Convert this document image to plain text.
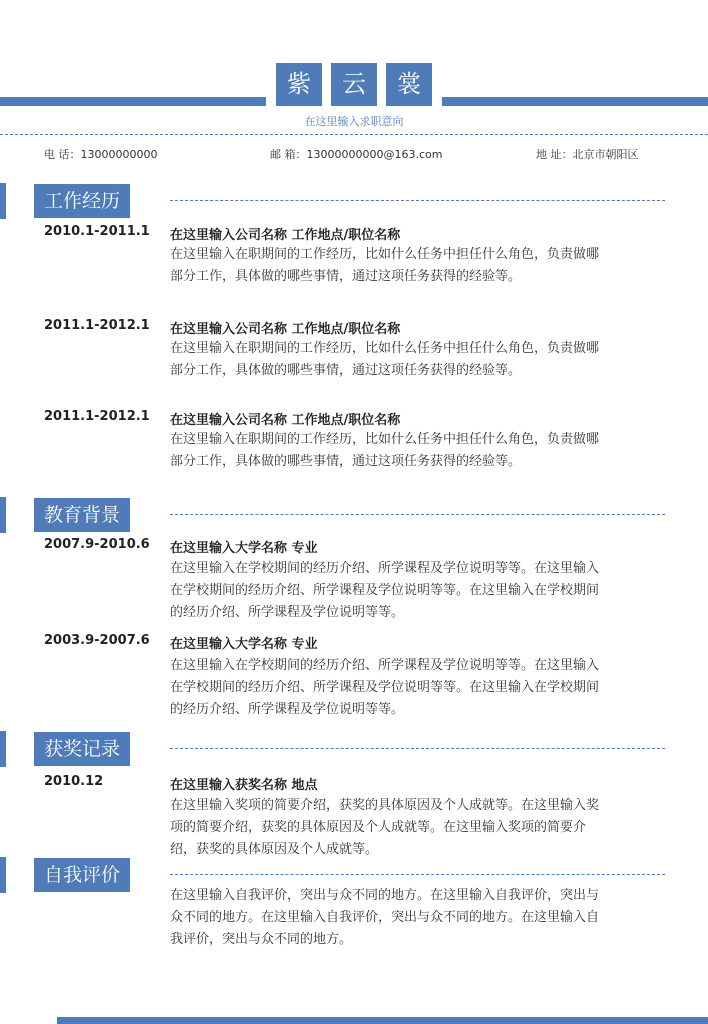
紫	云	裳
在这里输入求职意向
电 话：13000000000	邮 箱：13000000000@163.com	地 址：北京市朝阳区
工作经历
2010.1-2011.1 在这里输入公司名称 工作地点/职位名称
在这里输入在职期间的工作经历，比如什么任务中担任什么角色，负责做哪部分工作，具体做的哪些事情，通过这项任务获得的经验等。
2011.1-2012.1 在这里输入公司名称 工作地点/职位名称
在这里输入在职期间的工作经历，比如什么任务中担任什么角色，负责做哪部分工作，具体做的哪些事情，通过这项任务获得的经验等。
2011.1-2012.1 在这里输入公司名称 工作地点/职位名称
在这里输入在职期间的工作经历，比如什么任务中担任什么角色，负责做哪部分工作，具体做的哪些事情，通过这项任务获得的经验等。
教育背景
2007.9-2010.6 在这里输入大学名称 专业
在这里输入在学校期间的经历介绍、所学课程及学位说明等等。在这里输入在学校期间的经历介绍、所学课程及学位说明等等。在这里输入在学校期间的经历介绍、所学课程及学位说明等等。
2003.9-2007.6 在这里输入大学名称 专业
在这里输入在学校期间的经历介绍、所学课程及学位说明等等。在这里输入在学校期间的经历介绍、所学课程及学位说明等等。在这里输入在学校期间的经历介绍、所学课程及学位说明等等。
获奖记录
2010.12	在这里输入获奖名称 地点
在这里输入奖项的简要介绍，获奖的具体原因及个人成就等。在这里输入奖项的简要介绍，获奖的具体原因及个人成就等。在这里输入奖项的简要介绍，获奖的具体原因及个人成就等。
自我评价
在这里输入自我评价，突出与众不同的地方。在这里输入自我评价，突出与众不同的地方。在这里输入自我评价，突出与众不同的地方。在这里输入自我评价，突出与众不同的地方。
